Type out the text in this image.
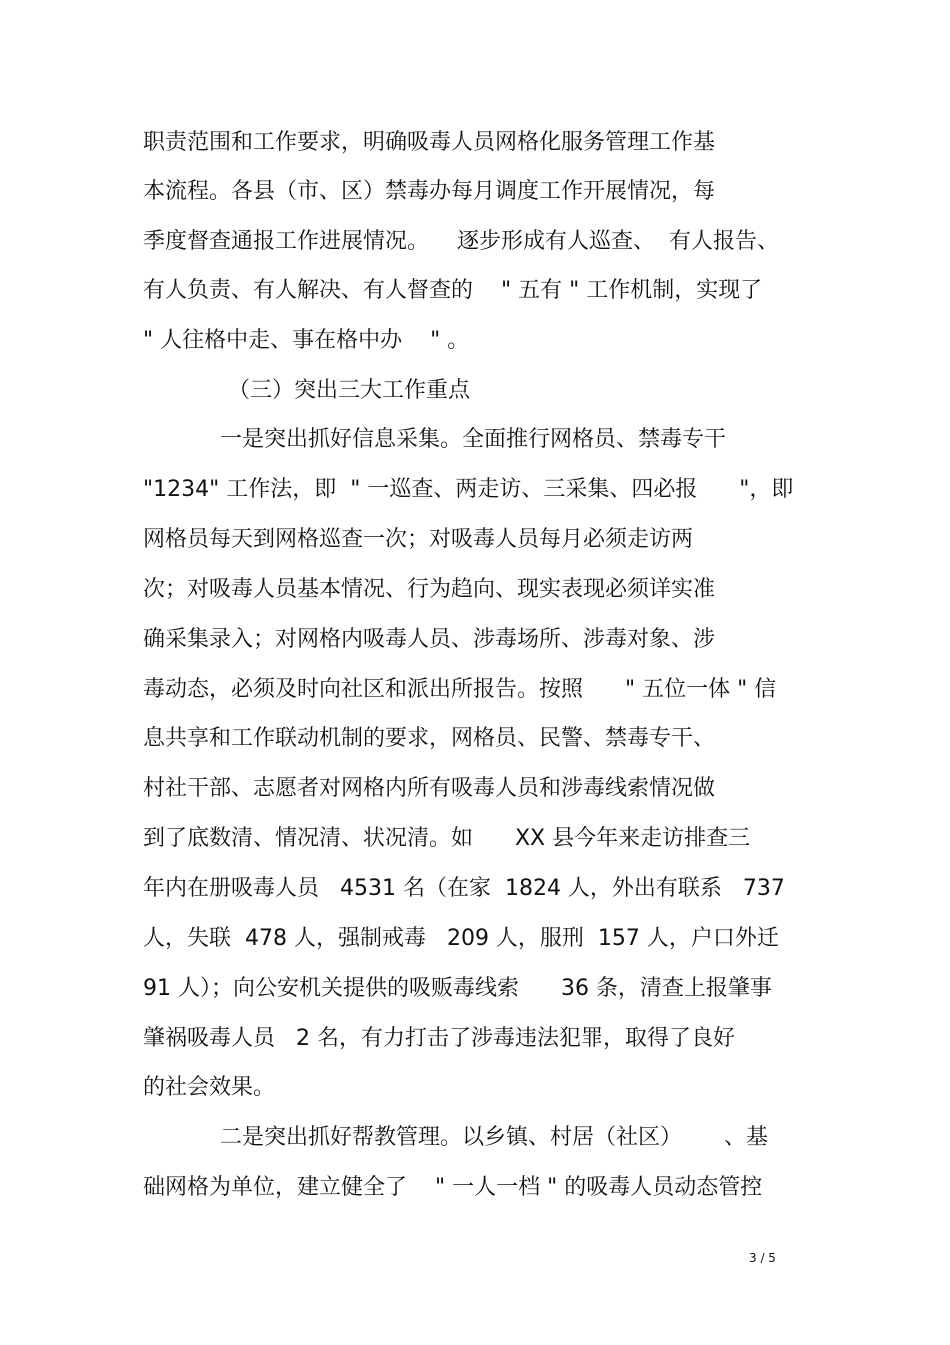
职责范围和工作要求，明确吸毒人员网格化服务管理工作基
本流程。各县（市、区）禁毒办每月调度工作开展情况，每
季度督查通报工作进展情况。    逐步形成有人巡查、  有人报告、
有人负责、有人解决、有人督查的    " 五有 " 工作机制，实现了
" 人往格中走、事在格中办    " 。
（三）突出三大工作重点
一是突出抓好信息采集。全面推行网格员、禁毒专干
"1234" 工作法，即  " 一巡查、两走访、三采集、四必报      "，即
网格员每天到网格巡查一次；对吸毒人员每月必须走访两
次；对吸毒人员基本情况、行为趋向、现实表现必须详实准
确采集录入；对网格内吸毒人员、涉毒场所、涉毒对象、涉
毒动态，必须及时向社区和派出所报告。按照      " 五位一体 " 信
息共享和工作联动机制的要求，网格员、民警、禁毒专干、
村社干部、志愿者对网格内所有吸毒人员和涉毒线索情况做
到了底数清、情况清、状况清。如      XX 县今年来走访排查三
年内在册吸毒人员   4531 名（在家  1824 人，外出有联系   737
人，失联  478 人，强制戒毒   209 人，服刑  157 人，户口外迁
91 人）；向公安机关提供的吸贩毒线索      36 条，清查上报肇事
肇祸吸毒人员   2 名，有力打击了涉毒违法犯罪，取得了良好
的社会效果。
二是突出抓好帮教管理。以乡镇、村居（社区）      、基
础网格为单位，建立健全了    " 一人一档 " 的吸毒人员动态管控
3 / 5
